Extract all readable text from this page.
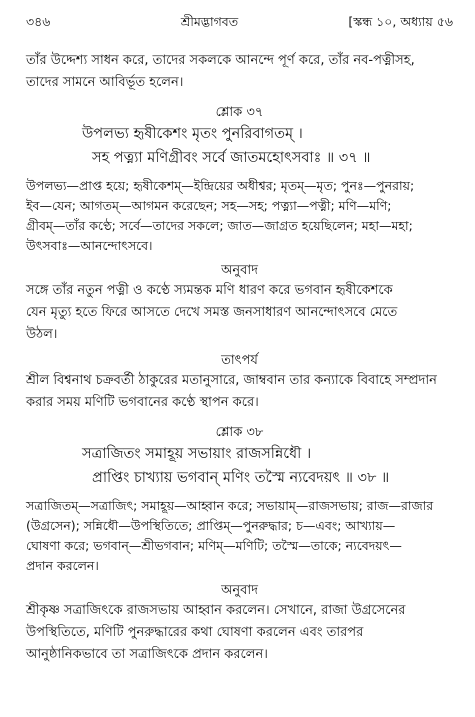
৩৪৬	শ্রীমদ্ভাগবত	[স্কন্ধ ১০, অধ্যায় ৫৬

তাঁর উদ্দেশ্য সাধন করে, তাদের সকলকে আনন্দে পূর্ণ করে, তাঁর নব-পত্নীসহ,

তাদের সামনে আবির্ভূত হলেন।

শ্লোক ৩৭

উপলভ্য হৃষীকেশং মৃতং পুনরিবাগতম্ ।

সহ পত্ন্যা মণিগ্রীবং সর্বে জাতমহোৎসবাঃ ॥ ৩৭ ॥

উপলভ্য—প্রাপ্ত হয়ে; হৃষীকেশম্—ইন্দ্রিয়ের অধীশ্বর; মৃতম্—মৃত; পুনঃ—পুনরায়;

ইব—যেন; আগতম্—আগমন করেছেন; সহ—সহ; পত্ন্যা—পত্নী; মণি—মণি;

গ্রীবম্—তাঁর কণ্ঠে; সর্বে—তাদের সকলে; জাত—জাগ্রত হয়েছিলেন; মহা—মহা;

উৎসবাঃ—আনন্দোৎসবে।

অনুবাদ

সঙ্গে তাঁর নতুন পত্নী ও কণ্ঠে স্যমন্তক মণি ধারণ করে ভগবান হৃষীকেশকে

যেন মৃত্যু হতে ফিরে আসতে দেখে সমস্ত জনসাধারণ আনন্দোৎসবে মেতে

উঠল।

তাৎপর্য

শ্রীল বিশ্বনাথ চক্রবর্তী ঠাকুরের মতানুসারে, জাম্ববান তার কন্যাকে বিবাহে সম্প্রদান

করার সময় মণিটি ভগবানের কণ্ঠে স্থাপন করে।

শ্লোক ৩৮

সত্রাজিতং সমাহূয় সভায়াং রাজসন্নিধৌ ।

প্রাপ্তিং চাখ্যায় ভগবান্ মণিং তস্মৈ ন্যবেদয়ৎ ॥ ৩৮ ॥

সত্রাজিতম্—সত্রাজিৎ; সমাহূয়—আহ্বান করে; সভায়াম্—রাজসভায়; রাজ—রাজার

(উগ্রসেন); সন্নিধৌ—উপস্থিতিতে; প্রাপ্তিম্—পুনরুদ্ধার; চ—এবং; আখ্যায়—

ঘোষণা করে; ভগবান্—শ্রীভগবান; মণিম্—মণিটি; তস্মৈ—তাকে; ন্যবেদয়ৎ—

প্রদান করলেন।

অনুবাদ

শ্রীকৃষ্ণ সত্রাজিৎকে রাজসভায় আহ্বান করলেন। সেখানে, রাজা উগ্রসেনের

উপস্থিতিতে, মণিটি পুনরুদ্ধারের কথা ঘোষণা করলেন এবং তারপর

আনুষ্ঠানিকভাবে তা সত্রাজিৎকে প্রদান করলেন।
